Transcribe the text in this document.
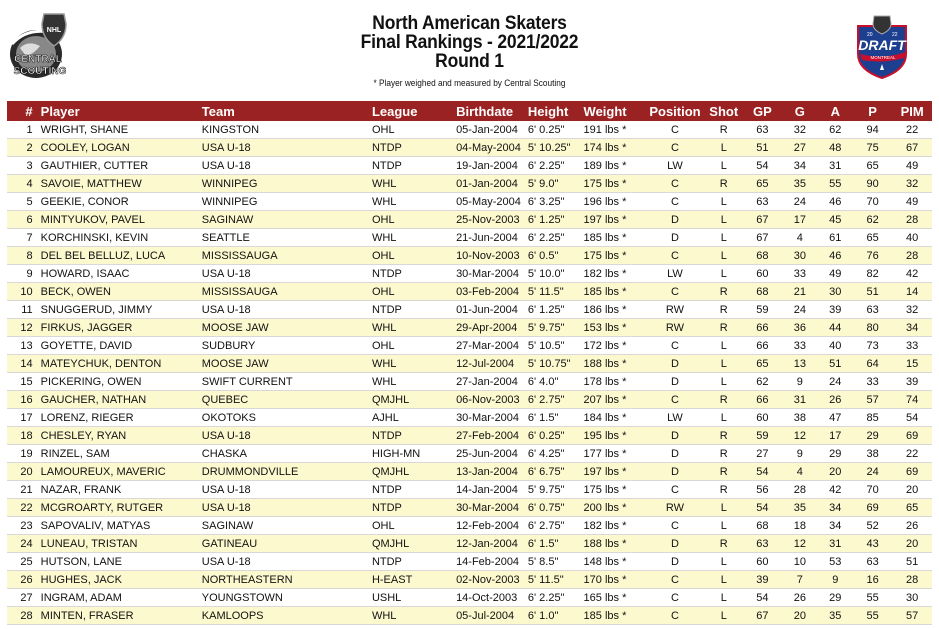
NHL
CENTRAL
SCOUTING
North American Skaters
Final Rankings - 2021/2022
Round 1
* Player weighed and measured by Central Scouting
20	22
DRAFT
MONTREAL ★
#	Player	Team	League	Birthdate	Height	Weight	Position	Shot	GP	G	A	P	PIM
1	WRIGHT, SHANE	KINGSTON	OHL	05-Jan-2004	6' 0.25"	191 lbs *	C	R	63	32	62	94	22
2	COOLEY, LOGAN	USA U-18	NTDP	04-May-2004	5' 10.25"	174 lbs *	C	L	51	27	48	75	67
3	GAUTHIER, CUTTER	USA U-18	NTDP	19-Jan-2004	6' 2.25"	189 lbs *	LW	L	54	34	31	65	49
4	SAVOIE, MATTHEW	WINNIPEG	WHL	01-Jan-2004	5' 9.0"	175 lbs *	C	R	65	35	55	90	32
5	GEEKIE, CONOR	WINNIPEG	WHL	05-May-2004	6' 3.25"	196 lbs *	C	L	63	24	46	70	49
6	MINTYUKOV, PAVEL	SAGINAW	OHL	25-Nov-2003	6' 1.25"	197 lbs *	D	L	67	17	45	62	28
7	KORCHINSKI, KEVIN	SEATTLE	WHL	21-Jun-2004	6' 2.25"	185 lbs *	D	L	67	4	61	65	40
8	DEL BEL BELLUZ, LUCA	MISSISSAUGA	OHL	10-Nov-2003	6' 0.5"	175 lbs *	C	L	68	30	46	76	28
9	HOWARD, ISAAC	USA U-18	NTDP	30-Mar-2004	5' 10.0"	182 lbs *	LW	L	60	33	49	82	42
10	BECK, OWEN	MISSISSAUGA	OHL	03-Feb-2004	5' 11.5"	185 lbs *	C	R	68	21	30	51	14
11	SNUGGERUD, JIMMY	USA U-18	NTDP	01-Jun-2004	6' 1.25"	186 lbs *	RW	R	59	24	39	63	32
12	FIRKUS, JAGGER	MOOSE JAW	WHL	29-Apr-2004	5' 9.75"	153 lbs *	RW	R	66	36	44	80	34
13	GOYETTE, DAVID	SUDBURY	OHL	27-Mar-2004	5' 10.5"	172 lbs *	C	L	66	33	40	73	33
14	MATEYCHUK, DENTON	MOOSE JAW	WHL	12-Jul-2004	5' 10.75"	188 lbs *	D	L	65	13	51	64	15
15	PICKERING, OWEN	SWIFT CURRENT	WHL	27-Jan-2004	6' 4.0"	178 lbs *	D	L	62	9	24	33	39
16	GAUCHER, NATHAN	QUEBEC	QMJHL	06-Nov-2003	6' 2.75"	207 lbs *	C	R	66	31	26	57	74
17	LORENZ, RIEGER	OKOTOKS	AJHL	30-Mar-2004	6' 1.5"	184 lbs *	LW	L	60	38	47	85	54
18	CHESLEY, RYAN	USA U-18	NTDP	27-Feb-2004	6' 0.25"	195 lbs *	D	R	59	12	17	29	69
19	RINZEL, SAM	CHASKA	HIGH-MN	25-Jun-2004	6' 4.25"	177 lbs *	D	R	27	9	29	38	22
20	LAMOUREUX, MAVERIC	DRUMMONDVILLE	QMJHL	13-Jan-2004	6' 6.75"	197 lbs *	D	R	54	4	20	24	69
21	NAZAR, FRANK	USA U-18	NTDP	14-Jan-2004	5' 9.75"	175 lbs *	C	R	56	28	42	70	20
22	MCGROARTY, RUTGER	USA U-18	NTDP	30-Mar-2004	6' 0.75"	200 lbs *	RW	L	54	35	34	69	65
23	SAPOVALIV, MATYAS	SAGINAW	OHL	12-Feb-2004	6' 2.75"	182 lbs *	C	L	68	18	34	52	26
24	LUNEAU, TRISTAN	GATINEAU	QMJHL	12-Jan-2004	6' 1.5"	188 lbs *	D	R	63	12	31	43	20
25	HUTSON, LANE	USA U-18	NTDP	14-Feb-2004	5' 8.5"	148 lbs *	D	L	60	10	53	63	51
26	HUGHES, JACK	NORTHEASTERN	H-EAST	02-Nov-2003	5' 11.5"	170 lbs *	C	L	39	7	9	16	28
27	INGRAM, ADAM	YOUNGSTOWN	USHL	14-Oct-2003	6' 2.25"	165 lbs *	C	L	54	26	29	55	30
28	MINTEN, FRASER	KAMLOOPS	WHL	05-Jul-2004	6' 1.0"	185 lbs *	C	L	67	20	35	55	57
